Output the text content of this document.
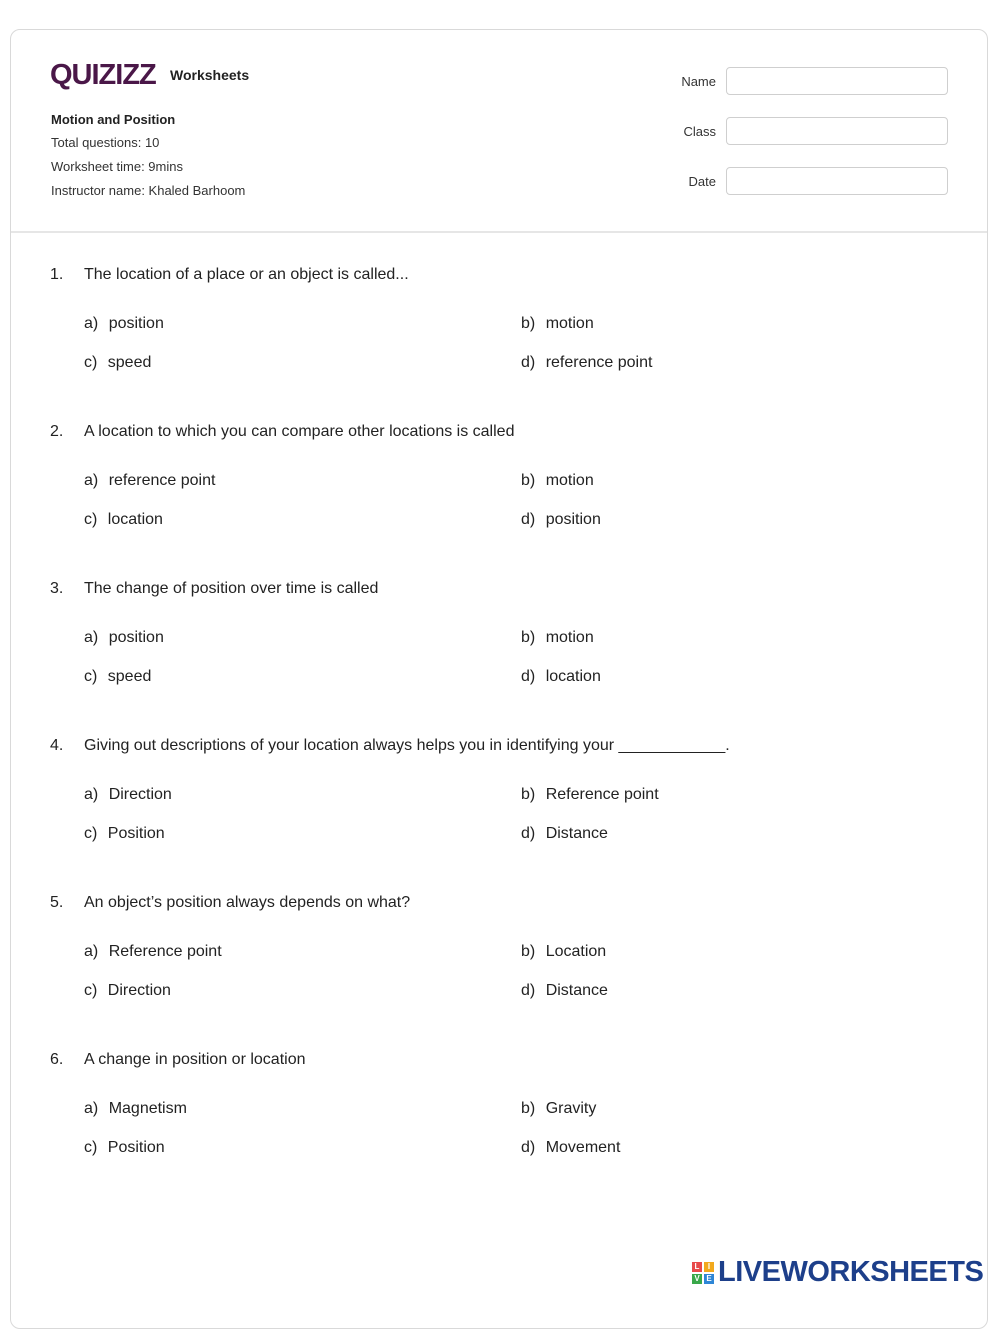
QUIZIZZ Worksheets
Motion and Position
Total questions: 10
Worksheet time: 9mins
Instructor name: Khaled Barhoom
Name
Class
Date
1. The location of a place or an object is called...
a) position	b) motion
c) speed	d) reference point
2. A location to which you can compare other locations is called
a) reference point	b) motion
c) location	d) position
3. The change of position over time is called
a) position	b) motion
c) speed	d) location
4. Giving out descriptions of your location always helps you in identifying your ____________.
a) Direction	b) Reference point
c) Position	d) Distance
5. An object’s position always depends on what?
a) Reference point	b) Location
c) Direction	d) Distance
6. A change in position or location
a) Magnetism	b) Gravity
c) Position	d) Movement
L	I
V E LIVEWORKSHEETS
